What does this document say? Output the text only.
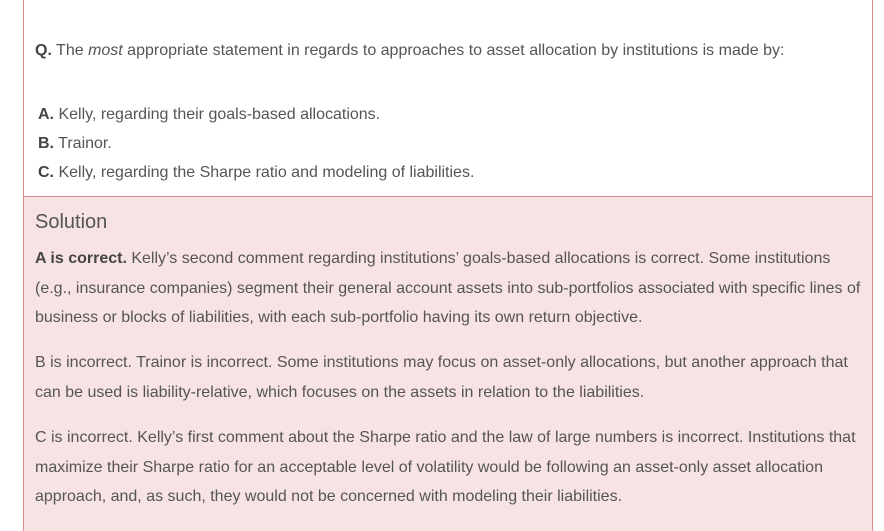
Q. The most appropriate statement in regards to approaches to asset allocation by institutions is made by:
A. Kelly, regarding their goals-based allocations.
B. Trainor.
C. Kelly, regarding the Sharpe ratio and modeling of liabilities.
Solution

A is correct. Kelly’s second comment regarding institutions’ goals-based allocations is correct. Some institutions (e.g., insurance companies) segment their general account assets into sub-portfolios associated with specific lines of business or blocks of liabilities, with each sub-portfolio having its own return objective.

B is incorrect. Trainor is incorrect. Some institutions may focus on asset-only allocations, but another approach that can be used is liability-relative, which focuses on the assets in relation to the liabilities.

C is incorrect. Kelly’s first comment about the Sharpe ratio and the law of large numbers is incorrect. Institutions that maximize their Sharpe ratio for an acceptable level of volatility would be following an asset-only asset allocation approach, and, as such, they would not be concerned with modeling their liabilities.
